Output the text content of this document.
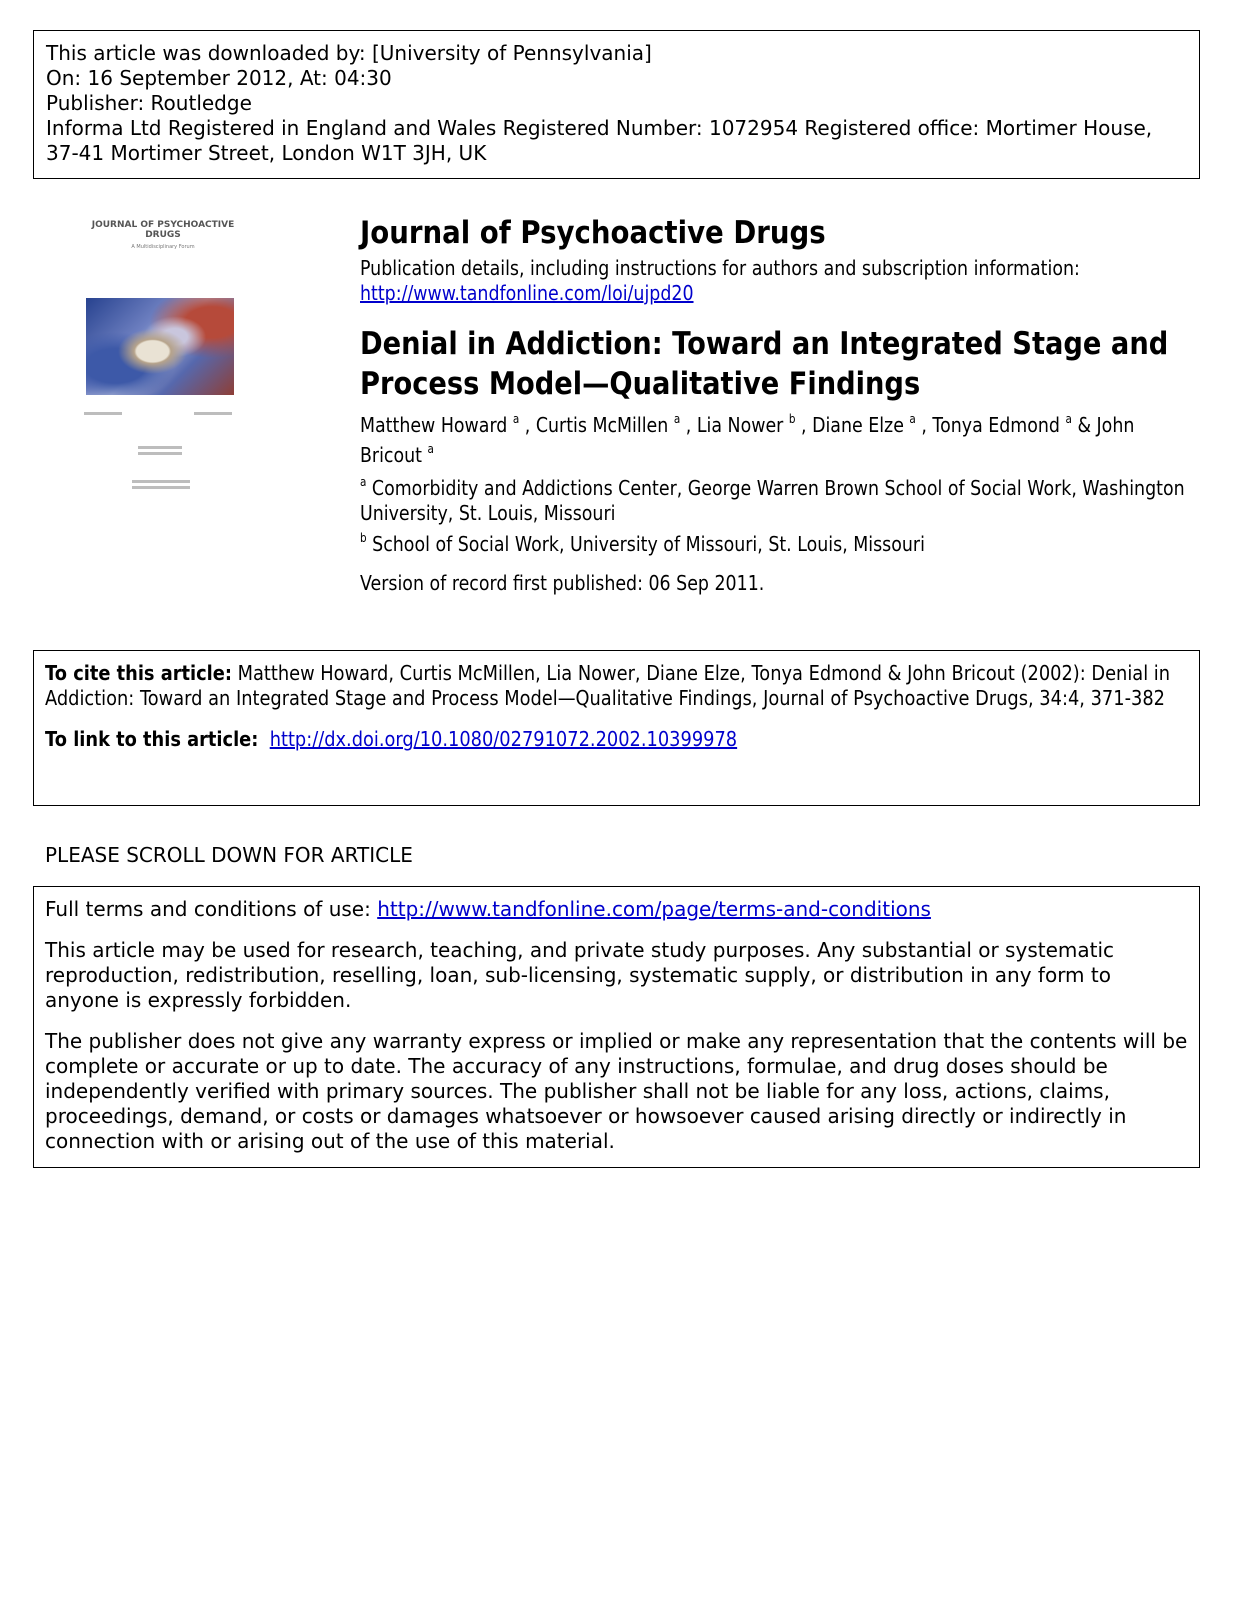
This article was downloaded by: [University of Pennsylvania]
On: 16 September 2012, At: 04:30
Publisher: Routledge
Informa Ltd Registered in England and Wales Registered Number: 1072954 Registered office: Mortimer House, 37-41 Mortimer Street, London W1T 3JH, UK
JOURNAL OF PSYCHOACTIVE DRUGS
A Multidisciplinary Forum	Journal of Psychoactive Drugs
Publication details, including instructions for authors and subscription information:
http://www.tandfonline.com/loi/ujpd20
Denial in Addiction: Toward an Integrated Stage and Process Model—Qualitative Findings
Matthew Howard $^a$ , Curtis McMillen $^a$ , Lia Nower $^b$ , Diane Elze $^a$ , Tonya Edmond $^a$ & John Bricout $^a$
$^a$ Comorbidity and Addictions Center, George Warren Brown School of Social Work, Washington University, St. Louis, Missouri
$^b$ School of Social Work, University of Missouri, St. Louis, Missouri
Version of record first published: 06 Sep 2011.
To cite this article: Matthew Howard, Curtis McMillen, Lia Nower, Diane Elze, Tonya Edmond & John Bricout (2002): Denial in Addiction: Toward an Integrated Stage and Process Model—Qualitative Findings, Journal of Psychoactive Drugs, 34:4, 371-382
To link to this article: http://dx.doi.org/10.1080/02791072.2002.10399978
PLEASE SCROLL DOWN FOR ARTICLE

Full terms and conditions of use: http://www.tandfonline.com/page/terms-and-conditions

This article may be used for research, teaching, and private study purposes. Any substantial or systematic reproduction, redistribution, reselling, loan, sub-licensing, systematic supply, or distribution in any form to anyone is expressly forbidden.

The publisher does not give any warranty express or implied or make any representation that the contents will be complete or accurate or up to date. The accuracy of any instructions, formulae, and drug doses should be independently verified with primary sources. The publisher shall not be liable for any loss, actions, claims, proceedings, demand, or costs or damages whatsoever or howsoever caused arising directly or indirectly in connection with or arising out of the use of this material.
